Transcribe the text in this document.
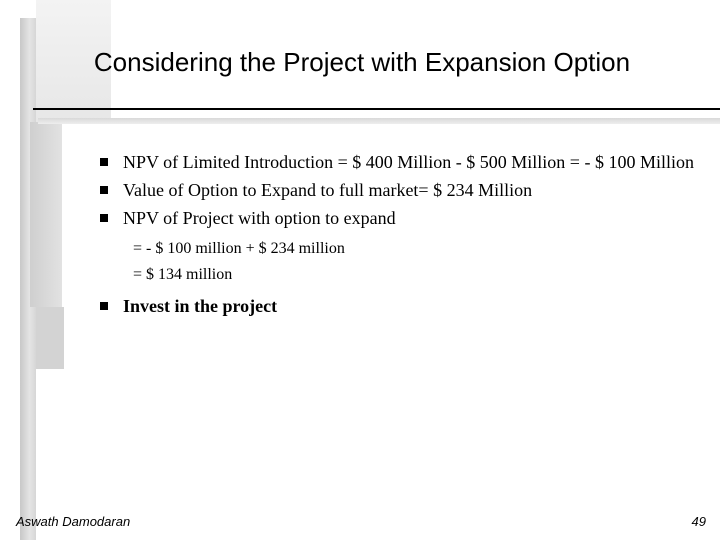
Considering the Project with Expansion Option
NPV of Limited Introduction = $ 400 Million - $ 500 Million = - $ 100 Million
Value of Option to Expand to full market= $ 234 Million
NPV of Project with option to expand
= - $ 100 million + $ 234 million
= $ 134 million
Invest in the project
Aswath Damodaran	49
